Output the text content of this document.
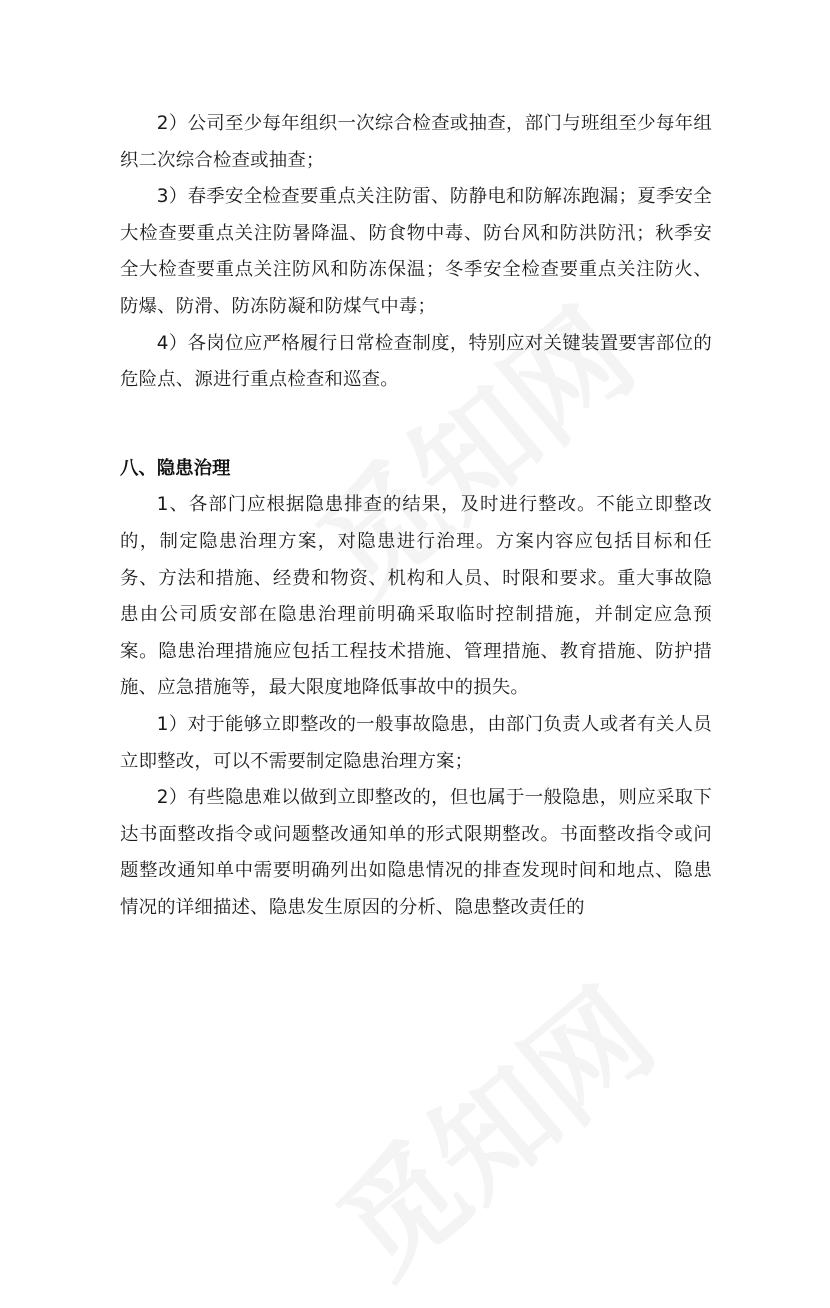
2）公司至少每年组织一次综合检查或抽查，部门与班组至少每年组织二次综合检查或抽查；

3）春季安全检查要重点关注防雷、防静电和防解冻跑漏；夏季安全大检查要重点关注防暑降温、防食物中毒、防台风和防洪防汛；秋季安全大检查要重点关注防风和防冻保温；冬季安全检查要重点关注防火、防爆、防滑、防冻防凝和防煤气中毒；

4）各岗位应严格履行日常检查制度，特别应对关键装置要害部位的危险点、源进行重点检查和巡查。

八、隐患治理

1、各部门应根据隐患排查的结果，及时进行整改。不能立即整改的，制定隐患治理方案，对隐患进行治理。方案内容应包括目标和任务、方法和措施、经费和物资、机构和人员、时限和要求。重大事故隐患由公司质安部在隐患治理前明确采取临时控制措施，并制定应急预案。隐患治理措施应包括工程技术措施、管理措施、教育措施、防护措施、应急措施等，最大限度地降低事故中的损失。

1）对于能够立即整改的一般事故隐患，由部门负责人或者有关人员立即整改，可以不需要制定隐患治理方案；

2）有些隐患难以做到立即整改的，但也属于一般隐患，则应采取下达书面整改指令或问题整改通知单的形式限期整改。书面整改指令或问题整改通知单中需要明确列出如隐患情况的排查发现时间和地点、隐患情况的详细描述、隐患发生原因的分析、隐患整改责任的
